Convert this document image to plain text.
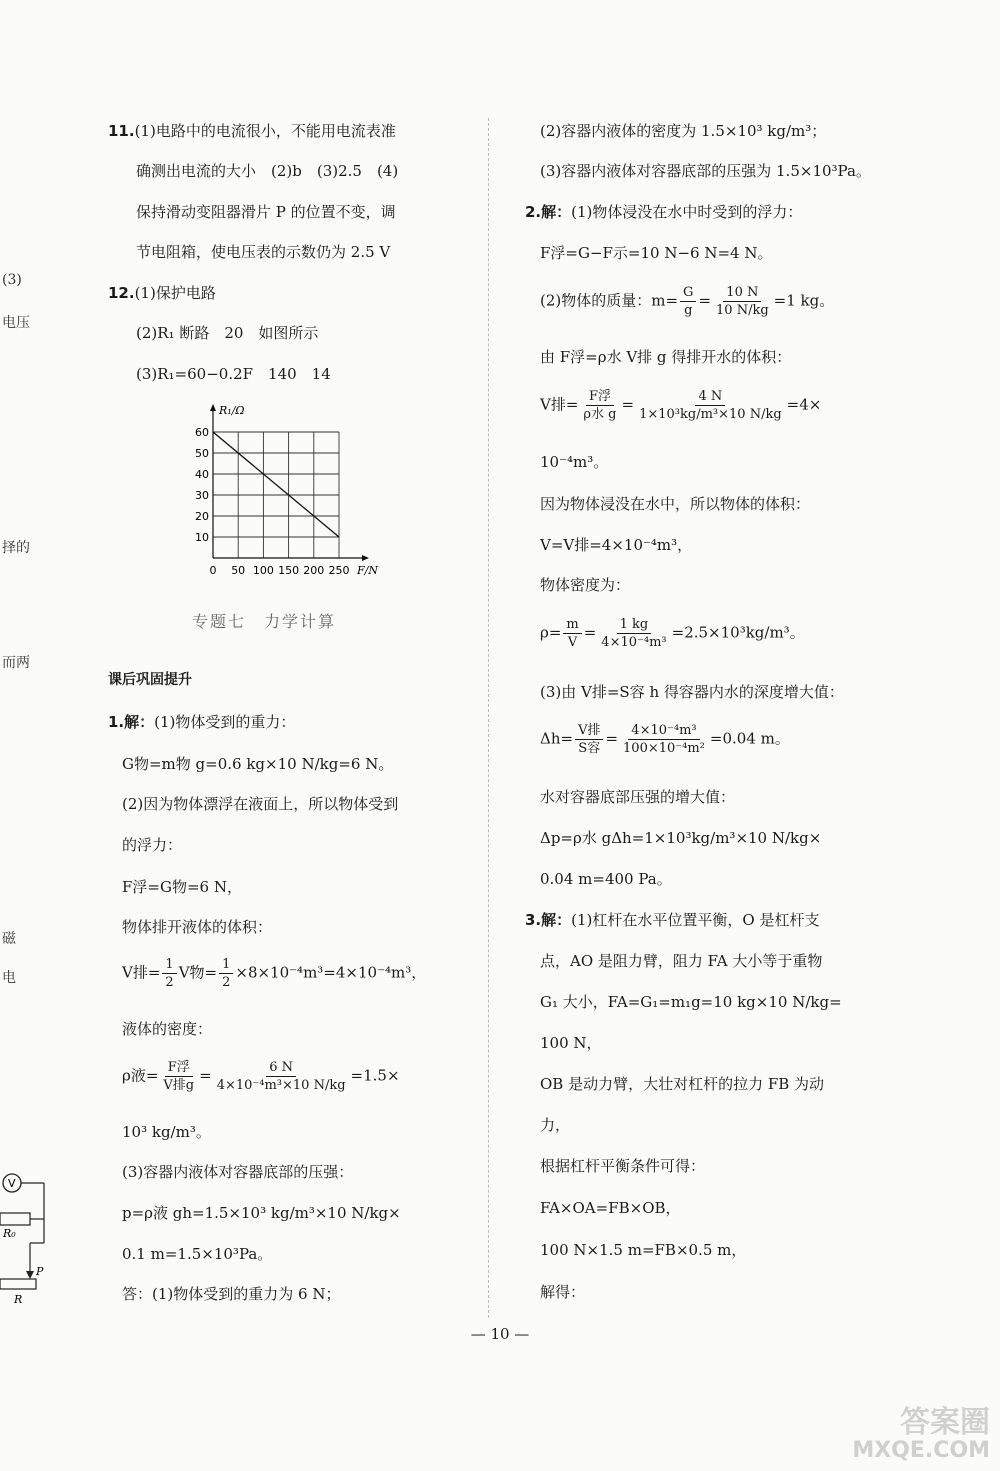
(3)
电压
择的
而两
磁
电
V
R₀
P
R
11.(1)电路中的电流很小，不能用电流表准
确测出电流的大小　(2)b　(3)2.5　(4)
保持滑动变阻器滑片 P 的位置不变，调
节电阻箱，使电压表的示数仍为 2.5 V
12.(1)保护电路
(2)R₁ 断路　20　如图所示
(3)R₁=60−0.2F　140　14
0 50 100 150 200 250
10
20
30
40
50
60
F/N
R₁/Ω
专题七　力学计算
课后巩固提升
1.解：(1)物体受到的重力：
G物=m物 g=0.6 kg×10 N/kg=6 N。
(2)因为物体漂浮在液面上，所以物体受到
的浮力：
F浮=G物=6 N，
物体排开液体的体积：
V排= $\frac{1}{2}$ V物= $\frac{1}{2} \times 8\times 10^{-4}m^3=4\times 10^{-4}m^3$，
液体的密度：
ρ液= $\frac{\text{F浮}}{\text{V排g}} = \frac{6 N}{\text{4×10⁻⁴m³×10 N/kg}} =1.5\times$
10³ kg/m³。
(3)容器内液体对容器底部的压强：
p=ρ液 gh=1.5×10³ kg/m³×10 N/kg×
0.1 m=1.5×10³Pa。
答：(1)物体受到的重力为 6 N；
(2)容器内液体的密度为 1.5×10³ kg/m³；
(3)容器内液体对容器底部的压强为 1.5×10³Pa。
2.解：(1)物体浸没在水中时受到的浮力：
F浮=G−F示=10 N−6 N=4 N。
(2)物体的质量：$m= \frac{G}{g} = \frac{10 N}{10 N/kg} =1$ kg。
由 F浮=ρ水 V排 g 得排开水的体积：
V排= $\frac{\text{F浮}}{\text{ρ水 g}} = \frac{4 N}{\text{1×10³kg/m³×10 N/kg}} =4\times$
10⁻⁴m³。
因为物体浸没在水中，所以物体的体积：
V=V排=4×10⁻⁴m³，
物体密度为：
$\rho= \frac{m}{V} = \frac{1 kg}{\text{4×10⁻⁴m³}} =2.5\times 10^3kg/m^3$。
(3)由 V排=S容 h 得容器内水的深度增大值：
$\Delta h= \frac{\text{V排}}{\text{S容}} = \frac{\text{4×10⁻⁴m³}}{\text{100×10⁻⁴m²}} =0.04$ m。
水对容器底部压强的增大值：
Δp=ρ水 gΔh=1×10³kg/m³×10 N/kg×
0.04 m=400 Pa。
3.解：(1)杠杆在水平位置平衡，O 是杠杆支
点，AO 是阻力臂，阻力 FA 大小等于重物
G₁ 大小，FA=G₁=m₁g=10 kg×10 N/kg=
100 N，
OB 是动力臂，大壮对杠杆的拉力 FB 为动
力，
根据杠杆平衡条件可得：
FA×OA=FB×OB，
100 N×1.5 m=FB×0.5 m，
解得：
— 10 —
答案圈
MXQE.COM
